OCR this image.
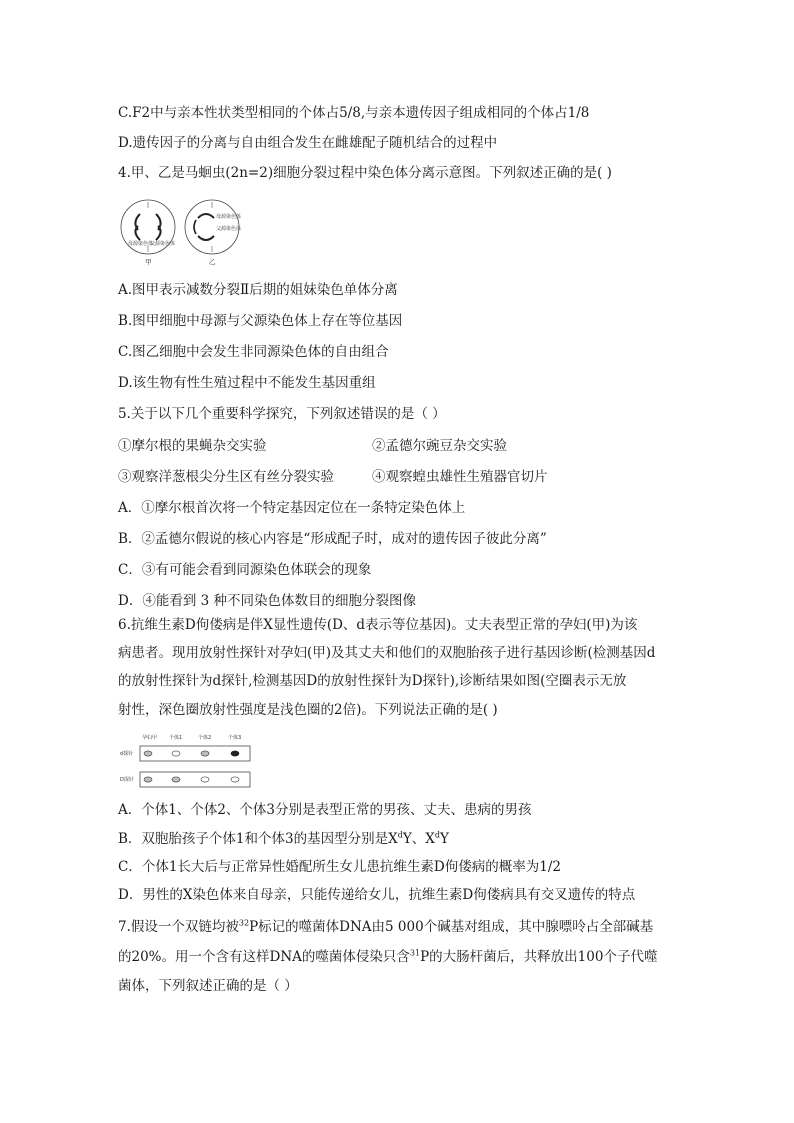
C.F2中与亲本性状类型相同的个体占5/8,与亲本遗传因子组成相同的个体占1/8
D.遗传因子的分离与自由组合发生在雌雄配子随机结合的过程中
4.甲、乙是马蛔虫(2n=2)细胞分裂过程中染色体分离示意图。下列叙述正确的是( )
母源染色体
父源染色体
甲
母源染色体
父源染色体
乙
A.图甲表示减数分裂Ⅱ后期的姐妹染色单体分离
B.图甲细胞中母源与父源染色体上存在等位基因
C.图乙细胞中会发生非同源染色体的自由组合
D.该生物有性生殖过程中不能发生基因重组
5.关于以下几个重要科学探究，下列叙述错误的是（ ）
①摩尔根的果蝇杂交实验	②孟德尔豌豆杂交实验
③观察洋葱根尖分生区有丝分裂实验	④观察蝗虫雄性生殖器官切片
A．①摩尔根首次将一个特定基因定位在一条特定染色体上
B．②孟德尔假说的核心内容是“形成配子时，成对的遗传因子彼此分离”
C．③有可能会看到同源染色体联会的现象
D．④能看到 3 种不同染色体数目的细胞分裂图像
6.抗维生素D佝偻病是伴X显性遗传(D、d表示等位基因)。丈夫表型正常的孕妇(甲)为该
病患者。现用放射性探针对孕妇(甲)及其丈夫和他们的双胞胎孩子进行基因诊断(检测基因d
的放射性探针为d探针,检测基因D的放射性探针为D探针),诊断结果如图(空圈表示无放
射性，深色圈放射性强度是浅色圈的2倍)。下列说法正确的是( )
孕妇甲 个体1	个体2	个体3
d探针
D探针
A．个体1、个体2、个体3分别是表型正常的男孩、丈夫、患病的男孩
B．双胞胎孩子个体1和个体3的基因型分别是$X^dY$、$X^dY$
C．个体1长大后与正常异性婚配所生女儿患抗维生素D佝偻病的概率为1/2
D．男性的X染色体来自母亲，只能传递给女儿，抗维生素D佝偻病具有交叉遗传的特点
7.假设一个双链均被$^{32}$P标记的噬菌体DNA由5 000个碱基对组成，其中腺嘌呤占全部碱基
的20%。用一个含有这样DNA的噬菌体侵染只含$^{31}$P的大肠杆菌后，共释放出100个子代噬
菌体，下列叙述正确的是（ ）
